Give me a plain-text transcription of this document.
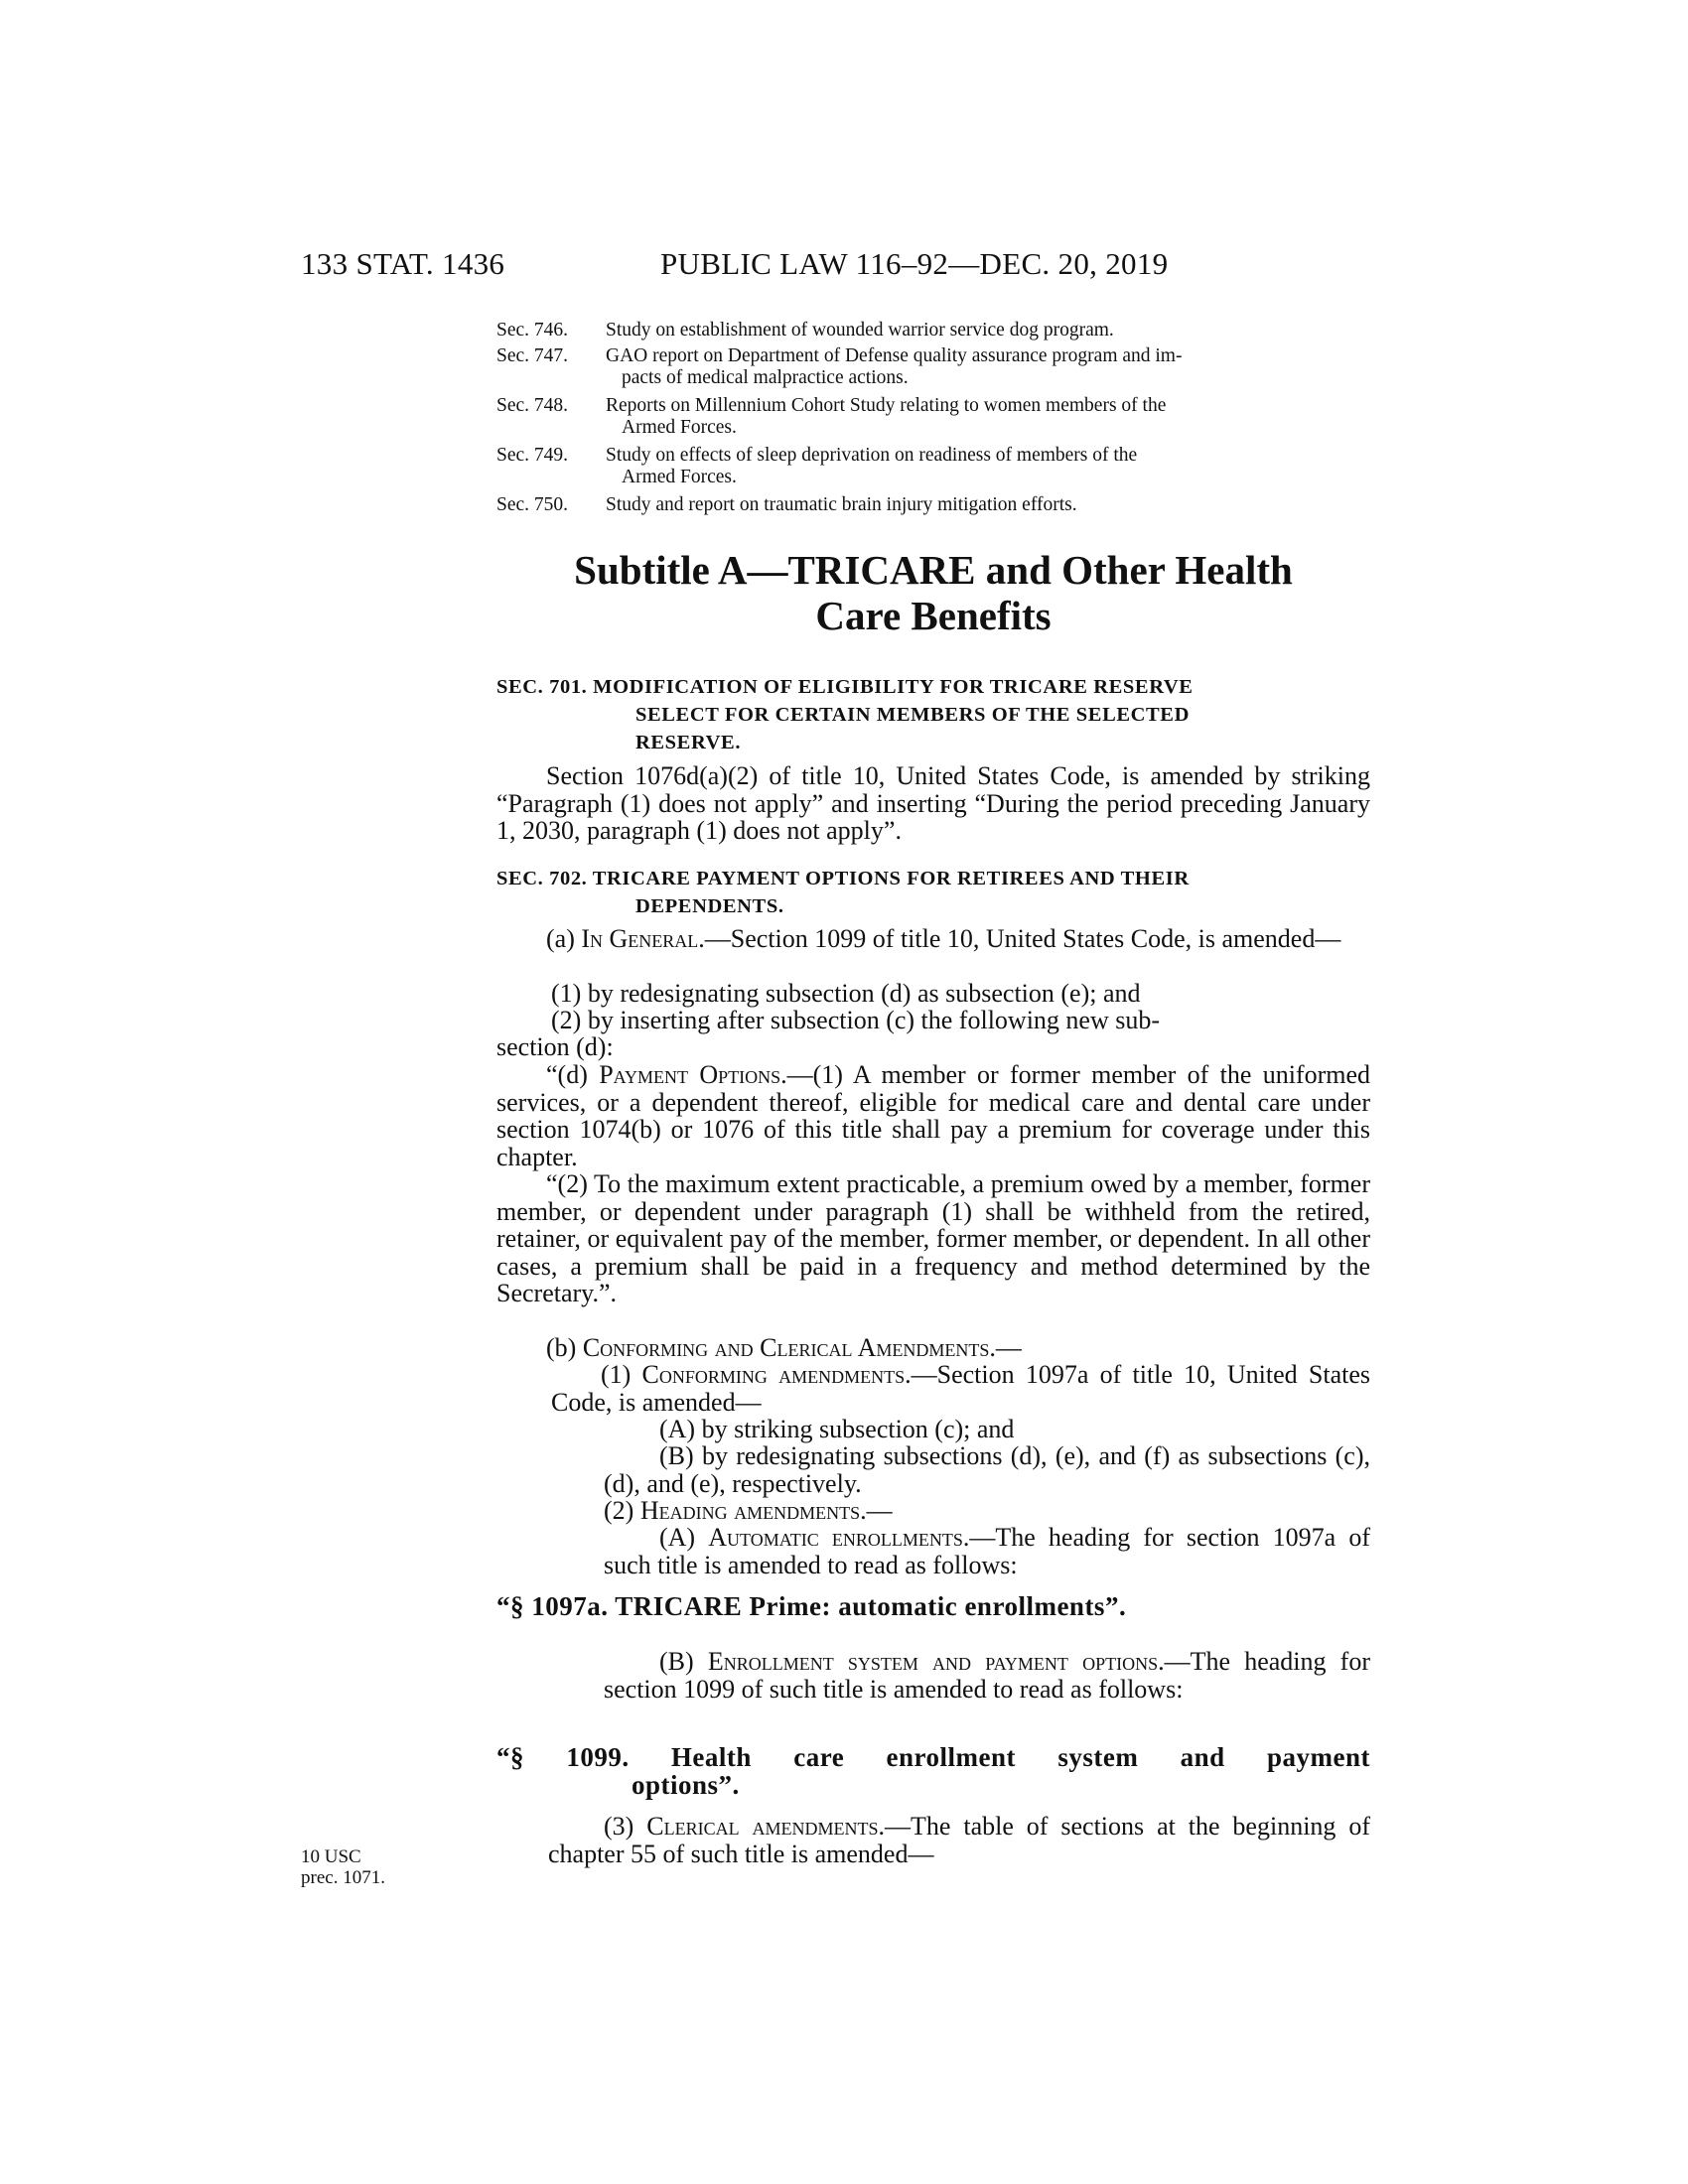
133 STAT. 1436	PUBLIC LAW 116–92—DEC. 20, 2019
Sec. 746. Study on establishment of wounded warrior service dog program.
Sec. 747. GAO report on Department of Defense quality assurance program and im-
pacts of medical malpractice actions.
Sec. 748. Reports on Millennium Cohort Study relating to women members of the
Armed Forces.
Sec. 749. Study on effects of sleep deprivation on readiness of members of the
Armed Forces.
Sec. 750. Study and report on traumatic brain injury mitigation efforts.
Subtitle A—TRICARE and Other Health
Care Benefits
SEC. 701. MODIFICATION OF ELIGIBILITY FOR TRICARE RESERVE
SELECT FOR CERTAIN MEMBERS OF THE SELECTED
RESERVE.
Section 1076d(a)(2) of title 10, United States Code, is amended by striking “Paragraph (1) does not apply” and inserting “During the period preceding January 1, 2030, paragraph (1) does not apply”.
SEC. 702. TRICARE PAYMENT OPTIONS FOR RETIREES AND THEIR
DEPENDENTS.
(a) In General.—Section 1099 of title 10, United States Code, is amended—
(1) by redesignating subsection (d) as subsection (e); and
(2) by inserting after subsection (c) the following new sub-
section (d):
“(d) Payment Options.—(1) A member or former member of the uniformed services, or a dependent thereof, eligible for medical care and dental care under section 1074(b) or 1076 of this title shall pay a premium for coverage under this chapter.
“(2) To the maximum extent practicable, a premium owed by a member, former member, or dependent under paragraph (1) shall be withheld from the retired, retainer, or equivalent pay of the member, former member, or dependent. In all other cases, a premium shall be paid in a frequency and method determined by the Secretary.”.
(b) Conforming and Clerical Amendments.—
(1) Conforming amendments.—Section 1097a of title 10, United States Code, is amended—
(A) by striking subsection (c); and
(B) by redesignating subsections (d), (e), and (f) as subsections (c), (d), and (e), respectively.
(2) Heading amendments.—
(A) Automatic enrollments.—The heading for section 1097a of such title is amended to read as follows:
“§ 1097a. TRICARE Prime: automatic enrollments”.
(B) Enrollment system and payment options.—The heading for section 1099 of such title is amended to read as follows:
“§ 1099. Health care enrollment system and payment
options”.
(3) Clerical amendments.—The table of sections at the beginning of chapter 55 of such title is amended—
10 USC
prec. 1071.
